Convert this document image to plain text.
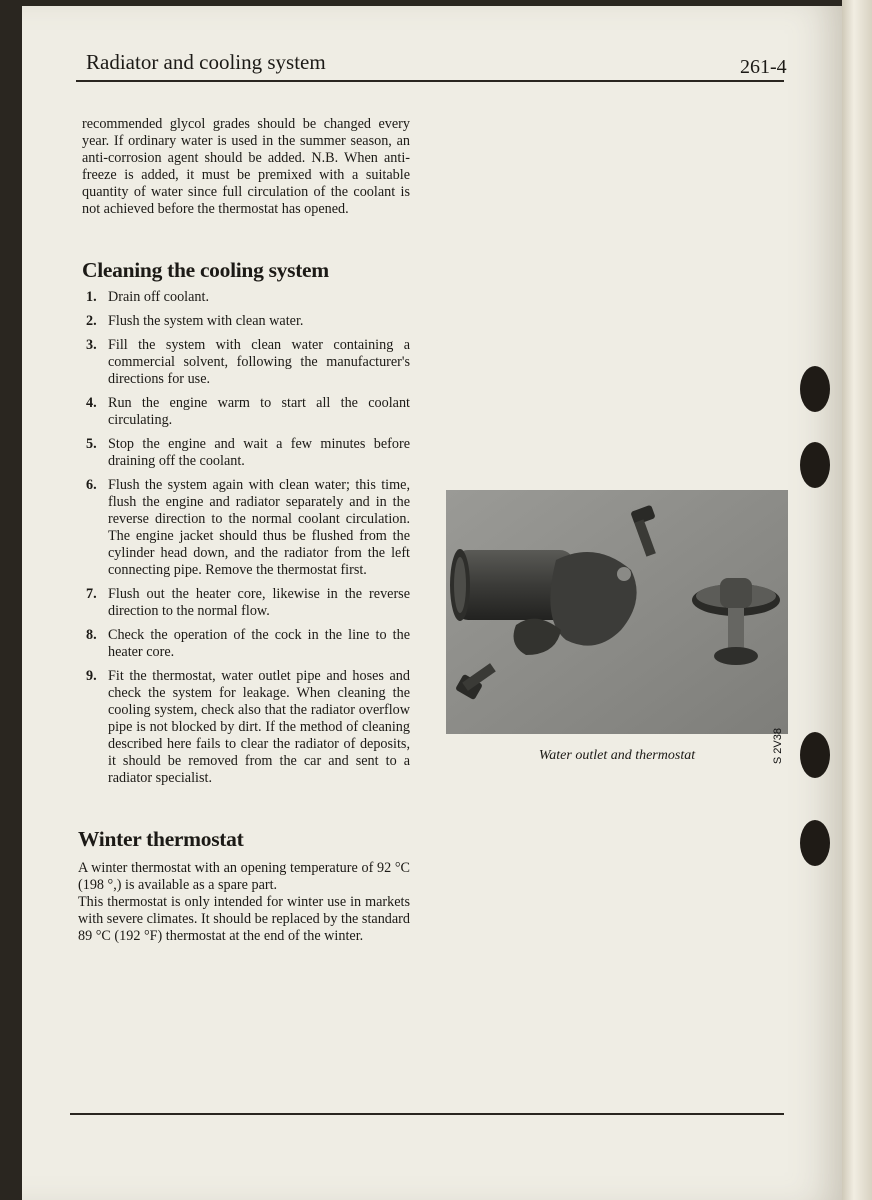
Radiator and cooling system	261-4

recommended glycol grades should be changed every year. If ordinary water is used in the summer season, an anti-corrosion agent should be added. N.B. When anti-freeze is added, it must be premixed with a suitable quantity of water since full circulation of the coolant is not achieved before the thermostat has opened.

Cleaning the cooling system
1. Drain off coolant.
2. Flush the system with clean water.
3. Fill the system with clean water containing a commercial solvent, following the manufacturer's directions for use.
4. Run the engine warm to start all the coolant circulating.
5. Stop the engine and wait a few minutes before draining off the coolant.
6. Flush the system again with clean water; this time, flush the engine and radiator separately and in the reverse direction to the normal coolant circulation. The engine jacket should thus be flushed from the cylinder head down, and the radiator from the left connecting pipe. Remove the thermostat first.
7. Flush out the heater core, likewise in the reverse direction to the normal flow.
8. Check the operation of the cock in the line to the heater core.
9. Fit the thermostat, water outlet pipe and hoses and check the system for leakage. When cleaning the cooling system, check also that the radiator overflow pipe is not blocked by dirt. If the method of cleaning described here fails to clear the radiator of deposits, it should be removed from the car and sent to a radiator specialist.
Winter thermostat

A winter thermostat with an opening temperature of 92 °C (198 °,) is available as a spare part.

This thermostat is only intended for winter use in markets with severe climates. It should be replaced by the standard 89 °C (192 °F) thermostat at the end of the winter.

S 2V38
Water outlet and thermostat
